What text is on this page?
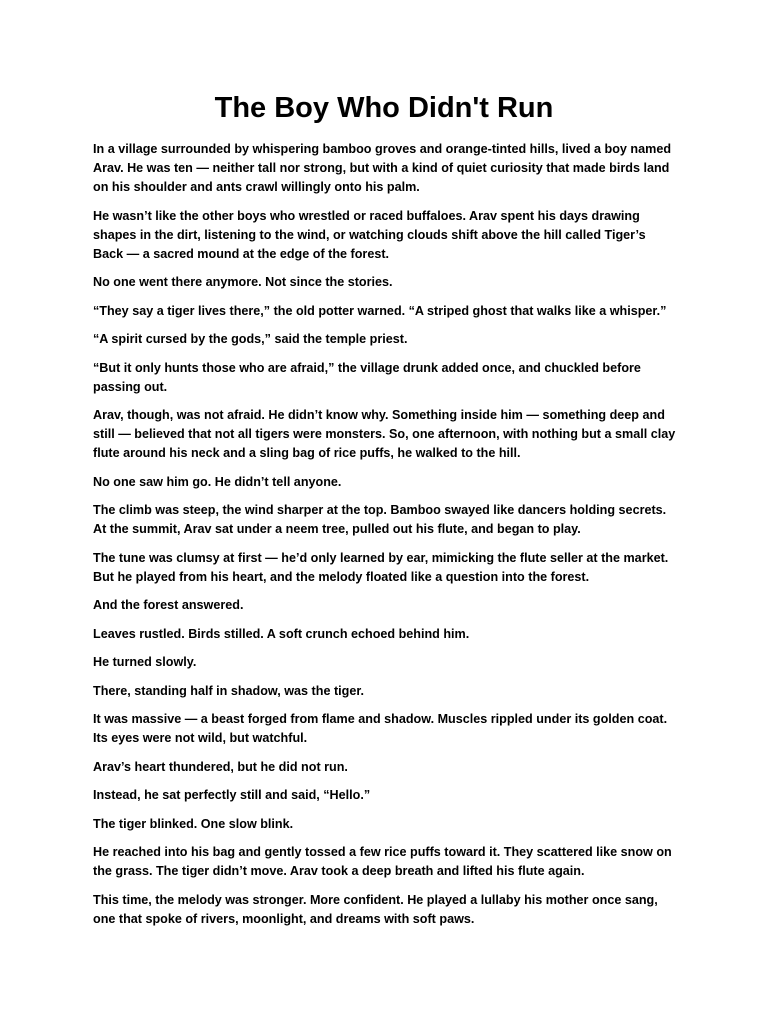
The Boy Who Didn't Run

In a village surrounded by whispering bamboo groves and orange-tinted hills, lived a boy named Arav. He was ten — neither tall nor strong, but with a kind of quiet curiosity that made birds land on his shoulder and ants crawl willingly onto his palm.

He wasn’t like the other boys who wrestled or raced buffaloes. Arav spent his days drawing shapes in the dirt, listening to the wind, or watching clouds shift above the hill called Tiger’s Back — a sacred mound at the edge of the forest.

No one went there anymore. Not since the stories.

“They say a tiger lives there,” the old potter warned. “A striped ghost that walks like a whisper.”

“A spirit cursed by the gods,” said the temple priest.

“But it only hunts those who are afraid,” the village drunk added once, and chuckled before passing out.

Arav, though, was not afraid. He didn’t know why. Something inside him — something deep and still — believed that not all tigers were monsters. So, one afternoon, with nothing but a small clay flute around his neck and a sling bag of rice puffs, he walked to the hill.

No one saw him go. He didn’t tell anyone.

The climb was steep, the wind sharper at the top. Bamboo swayed like dancers holding secrets. At the summit, Arav sat under a neem tree, pulled out his flute, and began to play.

The tune was clumsy at first — he’d only learned by ear, mimicking the flute seller at the market. But he played from his heart, and the melody floated like a question into the forest.

And the forest answered.

Leaves rustled. Birds stilled. A soft crunch echoed behind him.

He turned slowly.

There, standing half in shadow, was the tiger.

It was massive — a beast forged from flame and shadow. Muscles rippled under its golden coat. Its eyes were not wild, but watchful.

Arav’s heart thundered, but he did not run.

Instead, he sat perfectly still and said, “Hello.”

The tiger blinked. One slow blink.

He reached into his bag and gently tossed a few rice puffs toward it. They scattered like snow on the grass. The tiger didn’t move. Arav took a deep breath and lifted his flute again.

This time, the melody was stronger. More confident. He played a lullaby his mother once sang, one that spoke of rivers, moonlight, and dreams with soft paws.
